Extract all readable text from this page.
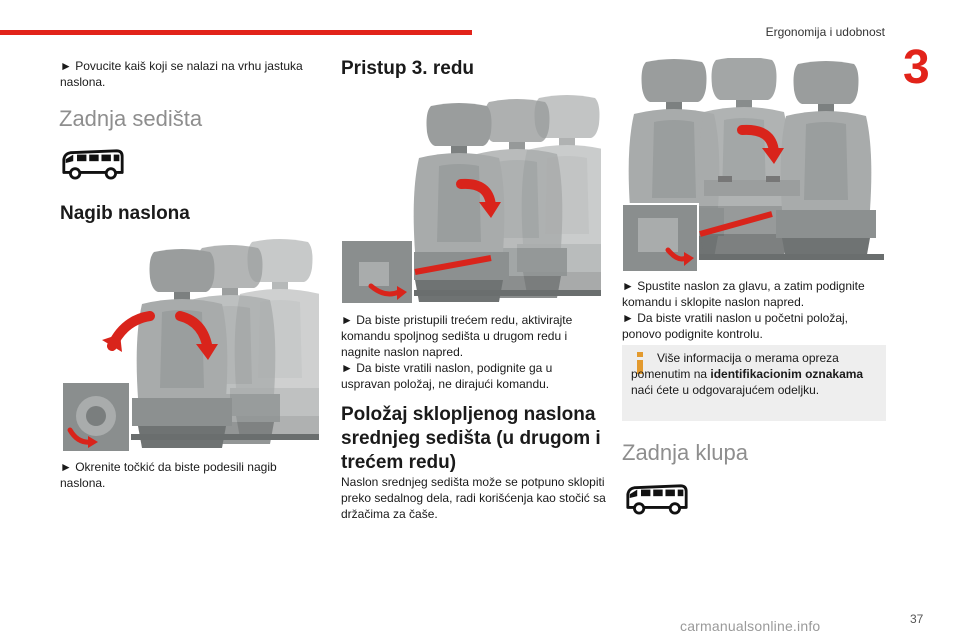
Ergonomija i udobnost
3
► Povucite kaiš koji se nalazi na vrhu jastuka naslona.
Zadnja sedišta
Nagib naslona
► Okrenite točkić da biste podesili nagib naslona.
Pristup 3. redu
► Da biste pristupili trećem redu, aktivirajte komandu spoljnog sedišta u drugom redu i nagnite naslon napred.
► Da biste vratili naslon, podignite ga u uspravan položaj, ne dirajući komandu.
Položaj sklopljenog naslona srednjeg sedišta (u drugom i trećem redu)
Naslon srednjeg sedišta može se potpuno sklopiti preko sedalnog dela, radi korišćenja kao stočić sa držačima za čaše.
► Spustite naslon za glavu, a zatim podignite komandu i sklopite naslon napred.
► Da biste vratili naslon u početni položaj, ponovo podignite kontrolu.
Više informacija o merama opreza pomenutim na identifikacionim oznakama naći ćete u odgovarajućem odeljku.
Zadnja klupa
carmanualsonline.info	37
